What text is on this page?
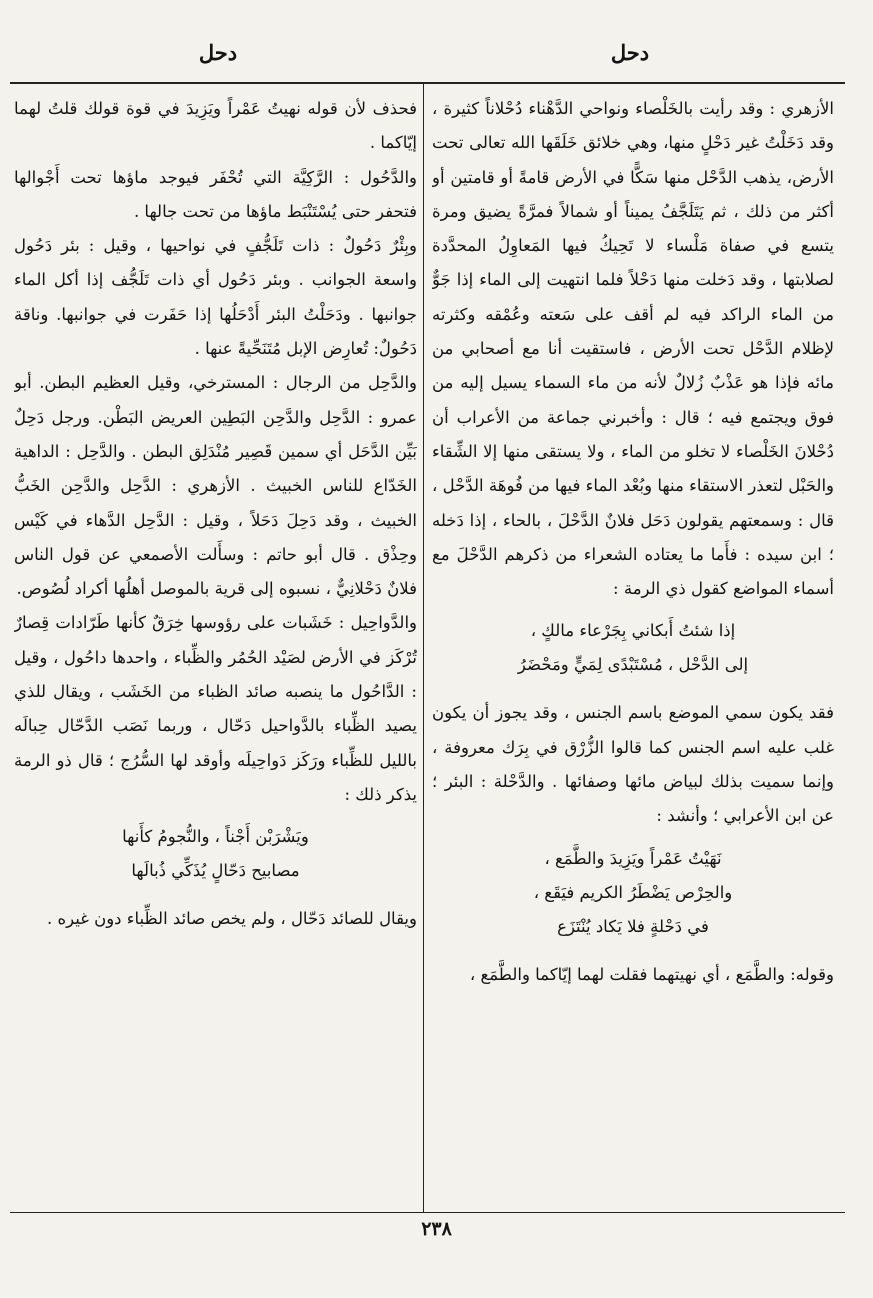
دحل
دحل

الأزهري : وقد رأيت بالخَلْصاء ونواحي الدَّهْناء دُحْلاناً كثيرة ، وقد دَخَلْتُ غير دَحْلٍ منها، وهي خلائق خَلَقَها الله تعالى تحت الأرض، يذهب الدَّحْل منها سَكًّا في الأرض قامةً أو قامتين أو أكثر من ذلك ، ثم يَتَلَجَّفُ يميناً أو شمالاً فمرَّةً يضيق ومرة يتسع في صفاة مَلْساء لا تَحِيكُ فيها المَعاوِلُ المحدَّدة لصلابتها ، وقد دَخلت منها دَحْلاً فلما انتهيت إلى الماء إذا جَوٌّ من الماء الراكد فيه لم أقف على سَعته وعُمْقه وكثرته لإظلام الدَّحْل تحت الأرض ، فاستقيت أنا مع أصحابي من مائه فإذا هو عَذْبٌ زُلالٌ لأنه من ماء السماء يسيل إليه من فوق ويجتمع فيه ؛ قال : وأخبرني جماعة من الأعراب أن دُحْلانَ الخَلْصاء لا تخلو من الماء ، ولا يستقى منها إلا الشِّقاء والحَبْل لتعذر الاستقاء منها وبُعْد الماء فيها من فُوهَة الدَّحْل ، قال : وسمعتهم يقولون دَحَل فلانٌ الدَّحْلَ ، بالحاء ، إذا دَخله ؛ ابن سيده : فأَما ما يعتاده الشعراء من ذكرهم الدَّحْلَ مع أسماء المواضع كقول ذي الرمة :

إذا شئتُ أَبكاني بِجَرْعاء مالكٍ ،
إلى الدَّحْل ، مُسْتَبْدًى لِمَيٍّ ومَحْضَرُ

فقد يكون سمي الموضع باسم الجنس ، وقد يجوز أن يكون غلب عليه اسم الجنس كما قالوا الزُّرْق في بِرَك معروفة ، وإنما سميت بذلك لبياض مائها وصفائها . والدَّحْلة : البئر ؛ عن ابن الأعرابي ؛ وأنشد :

نَهَيْتُ عَمْراً ويَزِيدَ والطَّمَع ،
والحِرْص يَضْطَرُ الكريم فيَقَع ،
في دَحْلةٍ فلا يَكاد يُنْتَزَع

وقوله: والطَّمَع ، أي نهيتهما فقلت لهما إيّاكما والطَّمَع ،

فحذف لأن قوله نهيتُ عَمْراً ويَزِيدَ في قوة قولك قلتُ لهما إيّاكما .

والدَّحُول : الرَّكِيَّة التي تُحْفَر فيوجد ماؤها تحت أَجْوالها فتحفر حتى يُسْتَنْبَط ماؤها من تحت جالها .

وبِئْرٌ دَحُولٌ : ذات تَلَجُّفٍ في نواحيها ، وقيل : بئر دَحُول واسعة الجوانب . وبئر دَحُول أي ذات تَلَجُّف إذا أكل الماء جوانبها . ودَحَلْتُ البئر أَدْحَلُها إذا حَفَرت في جوانبها. وناقة دَحُولٌ: تُعارِض الإبل مُتَنَحِّيةً عنها .

والدَّحِل من الرجال : المسترخي، وقيل العظيم البطن. أبو عمرو : الدَّحِل والدَّحِن البَطِين العريض البَطْن. ورجل دَحِلٌ بَيِّن الدَّحَل أي سمين قَصِير مُنْدَلِق البطن . والدَّحِل : الداهية الخَدّاع للناس الخبيث . الأزهري : الدَّحِل والدَّحِن الخَبُّ الخبيث ، وقد دَحِلَ دَحَلاً ، وقيل : الدَّحِل الدَّهاء في كَيْس وحِذْق . قال أبو حاتم : وسأَلت الأصمعي عن قول الناس فلانٌ دَحْلانِيٌّ ، نسبوه إلى قرية بالموصل أهلُها أكراد لُصُوص.

والدَّواحِيل : خَشَبات على رؤوسها خِرَقٌ كأنها طَرّادات قِصارٌ تُرْكَز في الأرض لصَيْد الحُمُر والظِّباء ، واحدها داحُول ، وقيل : الدَّاحُول ما ينصبه صائد الظباء من الخَشَب ، ويقال للذي يصيد الظِّباء بالدَّواحيل دَحّال ، وربما نَصَب الدَّحّال حِبالَه بالليل للظِّباء ورَكَز دَواحِيلَه وأوقد لها السُّرُج ؛ قال ذو الرمة يذكر ذلك :

ويَشْرَبْن أَجْناً ، والنُّجومُ كأَنها
مصابيح دَحّالٍ يُذَكِّي ذُبالَها

ويقال للصائد دَحّال ، ولم يخص صائد الظِّباء دون غيره .

٢٣٨
